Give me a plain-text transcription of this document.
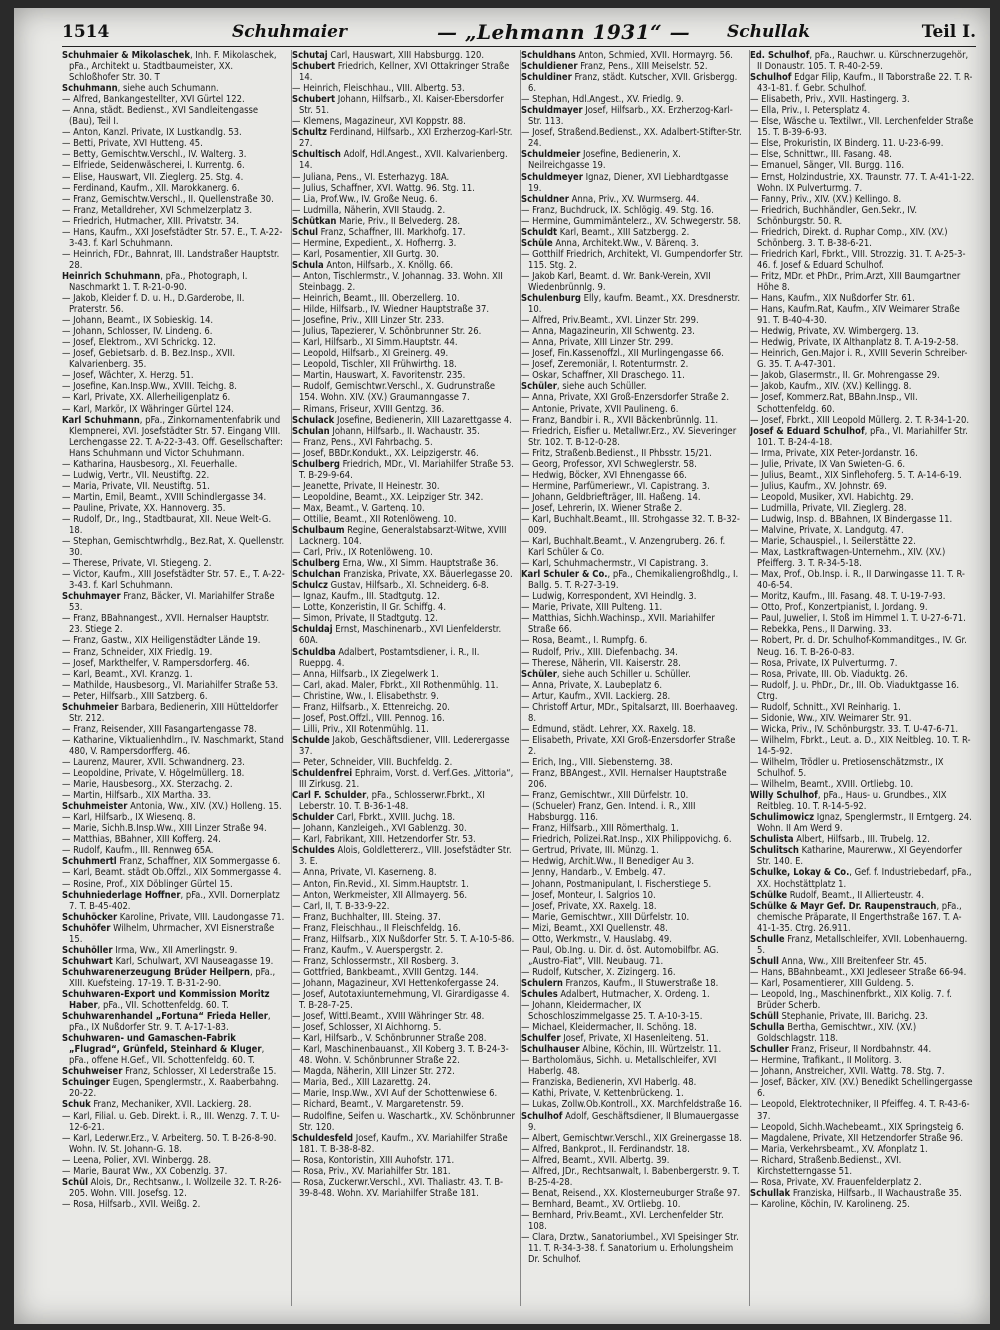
1514	Schuhmaier	— „Lehmann 1931“ — Schullak	Teil I.
Schuhmaier & Mikolaschek, Inh. F. Mikolaschek, pFa., Architekt u. Stadtbaumeister, XX. Schloßhofer Str. 30. T
Schuhmann, siehe auch Schumann.
— Alfred, Bankangestellter, XVI Gürtel 122.
— Anna, städt. Bedienst., XVI Sandleitengasse (Bau), Teil I.
— Anton, Kanzl. Private, IX Lustkandlg. 53.
— Betti, Private, XVI Hutteng. 45.
— Betty, Gemischtw.Verschl., IV. Walterg. 3.
— Elfriede, Seidenwäscherei, I. Kurrentg. 6.
— Elise, Hauswart, VII. Zieglerg. 25. Stg. 4.
— Ferdinand, Kaufm., XII. Marokkanerg. 6.
— Franz, Gemischtw.Verschl., II. Quellenstraße 30.
— Franz, Metalldreher, XVI Schmelzerplatz 3.
— Friedrich, Hutmacher, XIII. Privatstr. 34.
— Hans, Kaufm., XXI Josefstädter Str. 57. E., T. A-22-3-43. f. Karl Schuhmann.
— Heinrich, FDr., Bahnrat, III. Landstraßer Hauptstr. 28.
Heinrich Schuhmann, pFa., Photograph, I. Naschmarkt 1. T. R-21-0-90.
— Jakob, Kleider f. D. u. H., D.Garderobe, II. Praterstr. 56.
— Johann, Beamt., IX Sobieskig. 14.
— Johann, Schlosser, IV. Lindeng. 6.
— Josef, Elektrom., XVI Schrickg. 12.
— Josef, Gebietsarb. d. B. Bez.Insp., XVII. Kalvarienberg. 35.
— Josef, Wächter, X. Herzg. 51.
— Josefine, Kan.Insp.Ww., XVIII. Teichg. 8.
— Karl, Private, XX. Allerheiligenplatz 6.
— Karl, Markör, IX Währinger Gürtel 124.
Karl Schuhmann, pFa., Zinkornamentenfabrik und Klempnerei, XVI. Josefstädter Str. 57. Eingang VIII. Lerchengasse 22. T. A-22-3-43. Off. Gesellschafter: Hans Schuhmann und Victor Schuhmann.
— Katharina, Hausbesorg., XI. Feuerhalle.
— Ludwig, Vertr., VII. Neustiftg. 22.
— Maria, Private, VII. Neustiftg. 51.
— Martin, Emil, Beamt., XVIII Schindlergasse 34.
— Pauline, Private, XX. Hannoverg. 35.
— Rudolf, Dr., Ing., Stadtbaurat, XII. Neue Welt-G. 18.
— Stephan, Gemischtwrhdlg., Bez.Rat, X. Quellenstr. 30.
— Therese, Private, VI. Stiegeng. 2.
— Victor, Kaufm., XIII Josefstädter Str. 57. E., T. A-22-3-43. f. Karl Schuhmann.
Schuhmayer Franz, Bäcker, VI. Mariahilfer Straße 53.
— Franz, BBahnangest., XVII. Hernalser Hauptstr. 23. Stiege 2.
— Franz, Gastw., XIX Heiligenstädter Lände 19.
— Franz, Schneider, XIX Friedlg. 19.
— Josef, Markthelfer, V. Rampersdorferg. 46.
— Karl, Beamt., XVI. Kranzg. 1.
— Mathilde, Hausbesorg., VI. Mariahilfer Straße 53.
— Peter, Hilfsarb., XIII Satzberg. 6.
Schuhmeier Barbara, Bedienerin, XIII Hütteldorfer Str. 212.
— Franz, Reisender, XIII Fasangartengasse 78.
— Katharine, Viktualienhdlrn., IV. Naschmarkt, Stand 480, V. Rampersdorfferg. 46.
— Laurenz, Maurer, XVII. Schwandnerg. 23.
— Leopoldine, Private, V. Högelmüllerg. 18.
— Marie, Hausbesorg., XX. Sterzachg. 2.
— Martin, Hilfsarb., XIX Martha. 33.
Schuhmeister Antonia, Ww., XIV. (XV.) Holleng. 15.
— Karl, Hilfsarb., IX Wiesenq. 8.
— Marie, Sichh.B.Insp.Ww., XIII Linzer Straße 94.
— Matthias, BBahner, XIII Kofferg. 24.
— Rudolf, Kaufm., III. Rennweg 65A.
Schuhmertl Franz, Schaffner, XIX Sommergasse 6.
— Karl, Beamt. städt Ob.Offzl., XIX Sommergasse 4.
— Rosine, Prof., XIX Döblinger Gürtel 15.
Schuhniederlage Hoffner, pFa., XVII. Dornerplatz 7. T. B-45-402.
Schuhöcker Karoline, Private, VIII. Laudongasse 71.
Schuhöfer Wilhelm, Uhrmacher, XVI Eisnerstraße 15.
Schuhöller Irma, Ww., XII Amerlingstr. 9.
Schuhwart Karl, Schulwart, XVI Nauseagasse 19.
Schuhwarenerzeugung Brüder Heilpern, pFa., XIII. Kuefsteing. 17-19. T. B-31-2-90.
Schuhwaren-Export und Kommission Moritz Haber, pFa., VII. Schottenfeldg. 60. T.
Schuhwarenhandel „Fortuna“ Frieda Heller, pFa., IX Nußdorfer Str. 9. T. A-17-1-83.
Schuhwaren- und Gamaschen-Fabrik „Flugrad“, Grünfeld, Steinhard & Kluger, pFa., offene H.Gef., VII. Schottenfeldg. 60. T.
Schuhweiser Franz, Schlosser, XI Lederstraße 15.
Schuinger Eugen, Spenglermstr., X. Raaberbahng. 20-22.
Schuk Franz, Mechaniker, XVII. Lackierg. 28.
— Karl, Filial. u. Geb. Direkt. i. R., III. Wenzg. 7. T. U-12-6-21.
— Karl, Lederwr.Erz., V. Arbeiterg. 50. T. B-26-8-90. Wohn. IV. St. Johann-G. 18.
— Leena, Polier, XVI. Winbergg. 28.
— Marie, Baurat Ww., XX Cobenzlg. 37.
Schül Alois, Dr., Rechtsanw., I. Wollzeile 32. T. R-26-205. Wohn. VIII. Josefsg. 12.
— Rosa, Hilfsarb., XVII. Weißg. 2.
Schutaj Carl, Hauswart, XIII Habsburgg. 120.
Schubert Friedrich, Kellner, XVI Ottakringer Straße 14.
— Heinrich, Fleischhau., VIII. Albertg. 53.
Schubert Johann, Hilfsarb., XI. Kaiser-Ebersdorfer Str. 51.
— Klemens, Magazineur, XVI Koppstr. 88.
Schultz Ferdinand, Hilfsarb., XXI Erzherzog-Karl-Str. 27.
Schultisch Adolf, Hdl.Angest., XVII. Kalvarienberg. 14.
— Juliana, Pens., VI. Esterhazyg. 18A.
— Julius, Schaffner, XVI. Wattg. 96. Stg. 11.
— Lia, Prof.Ww., IV. Große Neug. 6.
— Ludmilla, Näherin, XVII Staudg. 2.
Schütkan Marie, Priv., II Belvederg. 28.
Schul Franz, Schaffner, III. Markhofg. 17.
— Hermine, Expedient., X. Hofherrg. 3.
— Karl, Posamentier, XII Gurtg. 30.
Schula Anton, Hilfsarb., X. Knöllg. 66.
— Anton, Tischlermstr., V. Johannag. 33. Wohn. XII Steinbagg. 2.
— Heinrich, Beamt., III. Oberzellerg. 10.
— Hilde, Hilfsarb., IV. Wiedner Hauptstraße 37.
— Josefine, Priv., XIII Linzer Str. 233.
— Julius, Tapezierer, V. Schönbrunner Str. 26.
— Karl, Hilfsarb., XI Simm.Hauptstr. 44.
— Leopold, Hilfsarb., XI Greinerg. 49.
— Leopold, Tischler, XII Frühwirthg. 18.
— Martin, Hauswart, X. Favoritenstr. 235.
— Rudolf, Gemischtwr.Verschl., X. Gudrunstraße 154. Wohn. XIV. (XV.) Graumanngasse 7.
— Rimans, Friseur, XVIII Gentzg. 36.
Schulack Josefine, Bedienerin, XIII Lazarettgasse 4.
Schulan Johann, Hilfsarb., II. Wachaustr. 35.
— Franz, Pens., XVI Fahrbachg. 5.
— Josef, BBDr.Kondukt., XX. Leipzigerstr. 46.
Schulberg Friedrich, MDr., VI. Mariahilfer Straße 53. T. B-29-9-64.
— Jeanette, Private, II Heinestr. 30.
— Leopoldine, Beamt., XX. Leipziger Str. 342.
— Max, Beamt., V. Gartenq. 10.
— Ottilie, Beamt., XII Rotenlöweng. 10.
Schulbaum Regine, Generalstabsarzt-Witwe, XVIII Lacknerg. 104.
— Carl, Priv., IX Rotenlöweng. 10.
Schulberg Erna, Ww., XI Simm. Hauptstraße 36.
Schulchan Franziska, Private, XX. Bäuerlegasse 20.
Schulcz Gustav, Hilfsarb., XI. Schneiderg. 6-8.
— Ignaz, Kaufm., III. Stadtgutg. 12.
— Lotte, Konzeristin, II Gr. Schiffg. 4.
— Simon, Private, II Stadtgutg. 12.
Schuldaj Ernst, Maschinenarb., XVI Lienfelderstr. 60A.
Schuldba Adalbert, Postamtsdiener, i. R., II. Rueppg. 4.
— Anna, Hilfsarb., IX Ziegelwerk 1.
— Carl, akad. Maler, Fbrkt., XII Rothenmühlg. 11.
— Christine, Ww., I. Elisabethstr. 9.
— Franz, Hilfsarb., X. Ettenreichg. 20.
— Josef, Post.Offzl., VIII. Pennog. 16.
— Lilli, Priv., XII Rotenmühlg. 11.
Schulde Jakob, Geschäftsdiener, VIII. Lederergasse 37.
— Peter, Schneider, VIII. Buchfeldg. 2.
Schuldenfrei Ephraim, Vorst. d. Verf.Ges. „Vittoria“, III Zirkusg. 21.
Carl F. Schulder, pFa., Schlosserwr.Fbrkt., XI Leberstr. 10. T. B-36-1-48.
Schulder Carl, Fbrkt., XVIII. Juchg. 18.
— Johann, Kanzleigeh., XVI Gablenzg. 30.
— Karl, Fabrikant, XIII. Hetzendorfer Str. 53.
Schuldes Alois, Goldlettererz., VIII. Josefstädter Str. 3. E.
— Anna, Private, VI. Kaserneng. 8.
— Anton, Fin.Revid., XI. Simm.Hauptstr. 1.
— Anton, Werkmeister, XII Allmayerg. 56.
— Carl, II, T. B-33-9-22.
— Franz, Buchhalter, III. Steing. 37.
— Franz, Fleischhau., II Fleischfeldg. 16.
— Franz, Hilfsarb., XIX Nußdorfer Str. 5. T. A-10-5-86.
— Franz, Kaufm., V. Auerspergstr. 2.
— Franz, Schlossermstr., XII Rosberg. 3.
— Gottfried, Bankbeamt., XVIII Gentzg. 144.
— Johann, Magazineur, XVI Hettenkofergasse 24.
— Josef, Autotaxiunternehmung, VI. Girardigasse 4. T. B-28-7-25.
— Josef, Wittl.Beamt., XVIII Währinger Str. 48.
— Josef, Schlosser, XI Aichhorng. 5.
— Karl, Hilfsarb., V. Schönbrunner Straße 208.
— Karl, Maschinenbauanst., XII Koberg 3. T. B-24-3-48. Wohn. V. Schönbrunner Straße 22.
— Magda, Näherin, XIII Linzer Str. 272.
— Maria, Bed., XIII Lazarettg. 24.
— Marie, Insp.Ww., XVI Auf der Schottenwiese 6.
— Richard, Beamt., V. Margaretenstr. 59.
— Rudolfine, Seifen u. Waschartk., XV. Schönbrunner Str. 120.
Schuldesfeld Josef, Kaufm., XV. Mariahilfer Straße 181. T. B-38-8-82.
— Rosa, Kontoristin, XIII Auhofstr. 171.
— Rosa, Priv., XV. Mariahilfer Str. 181.
— Rosa, Zuckerwr.Verschl., XVI. Thaliastr. 43. T. B-39-8-48. Wohn. XV. Mariahilfer Straße 181.
Schuldhans Anton, Schmied, XVII. Hormayrg. 56.
Schuldiener Franz, Pens., XIII Meiselstr. 52.
Schuldiner Franz, städt. Kutscher, XVII. Grisbergg. 6.
— Stephan, Hdl.Angest., XV. Friedlg. 9.
Schuldmayer Josef, Hilfsarb., XX. Erzherzog-Karl-Str. 113.
— Josef, Straßend.Bedienst., XX. Adalbert-Stifter-Str. 24.
Schuldmeier Josefine, Bedienerin, X. Neilreichgasse 19.
Schuldmeyer Ignaz, Diener, XVI Liebhardtgasse 19.
Schuldner Anna, Priv., XV. Wurmserg. 44.
— Franz, Buchdruck, IX. Schlögig. 49. Stg. 16.
— Hermine, Gummimäntelerz., XV. Schwegerstr. 58.
Schuldt Karl, Beamt., XIII Satzbergg. 2.
Schüle Anna, Architekt.Ww., V. Bärenq. 3.
— Gotthilf Friedrich, Architekt, VI. Gumpendorfer Str. 115. Stg. 2.
— Jakob Karl, Beamt. d. Wr. Bank-Verein, XVII Wiedenbrünnlg. 9.
Schulenburg Elly, kaufm. Beamt., XX. Dresdnerstr. 10.
— Alfred, Priv.Beamt., XVI. Linzer Str. 299.
— Anna, Magazineurin, XII Schwentg. 23.
— Anna, Private, XIII Linzer Str. 299.
— Josef, Fin.Kassenoffzl., XII Murlingengasse 66.
— Josef, Zeremoniär, I. Rotenturmstr. 2.
— Oskar, Schaffner, XII Draschego. 11.
Schüler, siehe auch Schüller.
— Anna, Private, XXI Groß-Enzersdorfer Straße 2.
— Antonie, Private, XVII Paulineng. 6.
— Franz, Bandbir i. R., XVII Bäckenbrünnlg. 11.
— Friedrich, Eisfier u. Metallwr.Erz., XV. Sieveringer Str. 102. T. B-12-0-28.
— Fritz, Straßenb.Bedienst., II Phbsstr. 15/21.
— Georg, Professor, XVI Schweglerstr. 58.
— Hedwig, Böcker, XVI Ehnengasse 66.
— Hermine, Parfümeriewr., VI. Capistrang. 3.
— Johann, Geldbriefträger, III. Haßeng. 14.
— Josef, Lehrerin, IX. Wiener Straße 2.
— Karl, Buchhalt.Beamt., III. Strohgasse 32. T. B-32-009.
— Karl, Buchhalt.Beamt., V. Anzengruberg. 26. f. Karl Schüler & Co.
— Karl, Schuhmachermstr., VI Capistrang. 3.
Karl Schuler & Co., pFa., Chemikaliengroßhdlg., I. Ballg. 5. T. R-27-3-19.
— Ludwig, Korrespondent, XVI Heindlg. 3.
— Marie, Private, XIII Pulteng. 11.
— Matthias, Sichh.Wachinsp., XVII. Mariahilfer Straße 66.
— Rosa, Beamt., I. Rumpfg. 6.
— Rudolf, Priv., XIII. Diefenbachg. 34.
— Therese, Näherin, VII. Kaiserstr. 28.
Schüler, siehe auch Schiller u. Schüller.
— Anna, Private, X. Laubeplatz 6.
— Artur, Kaufm., XVII. Lackierg. 28.
— Christoff Artur, MDr., Spitalsarzt, III. Boerhaaveg. 8.
— Edmund, städt. Lehrer, XX. Raxelg. 18.
— Elisabeth, Private, XXI Groß-Enzersdorfer Straße 2.
— Erich, Ing., VIII. Siebensterng. 38.
— Franz, BBAngest., XVII. Hernalser Hauptstraße 206.
— Franz, Gemischtwr., XIII Dürfelstr. 10.
— (Schueler) Franz, Gen. Intend. i. R., XIII Habsburgg. 116.
— Franz, Hilfsarb., XIII Römerthalg. 1.
— Friedrich, Polizei.Rat.Insp., XIX Philippovichg. 6.
— Gertrud, Private, III. Münzg. 1.
— Hedwig, Archit.Ww., II Benediger Au 3.
— Jenny, Handarb., V. Embelg. 47.
— Johann, Postmanipulant, I. Fischerstiege 5.
— Josef, Monteur, I. Salgrios 10.
— Josef, Private, XX. Raxelg. 18.
— Marie, Gemischtwr., XIII Dürfelstr. 10.
— Mizi, Beamt., XXI Quellenstr. 48.
— Otto, Werkmstr., V. Hauslabg. 49.
— Paul, Ob.Ing. u. Dir. d. öst. Automobilfbr. AG. „Austro-Fiat“, VIII. Neubaug. 71.
— Rudolf, Kutscher, X. Zizingerg. 16.
Schulern Franzos, Kaufm., II Stuwerstraße 18.
Schules Adalbert, Hutmacher, X. Ordeng. 1.
— Johann, Kleidermacher, IX Schoschloszimmelgasse 25. T. A-10-3-15.
— Michael, Kleidermacher, II. Schöng. 18.
Schulfer Josef, Private, XI Hasenleiteng. 51.
Schulhauser Albine, Köchin, III. Würtzelstr. 11.
— Bartholomäus, Sichh. u. Metallschleifer, XVI Haberlg. 48.
— Franziska, Bedienerin, XVI Haberlg. 48.
— Kathi, Private, V. Kettenbrückeng. 1.
— Lukas, Zollw.Ob.Kontroll., XX. Marchfeldstraße 16.
Schulhof Adolf, Geschäftsdiener, II Blumauergasse 9.
— Albert, Gemischtwr.Verschl., XIX Greinergasse 18.
— Alfred, Bankprot., II. Ferdinandstr. 18.
— Alfred, Beamt., XVII. Albertg. 39.
— Alfred, JDr., Rechtsanwalt, I. Babenbergerstr. 9. T. B-25-4-28.
— Benat, Reisend., XX. Klosterneuburger Straße 97.
— Bernhard, Beamt., XV. Ortliebg. 10.
— Bernhard, Priv.Beamt., XVI. Lerchenfelder Str. 108.
— Clara, Drztw., Sanatoriumbel., XVI Speisinger Str. 11. T. R-34-3-38. f. Sanatorium u. Erholungsheim Dr. Schulhof.
Ed. Schulhof, pFa., Rauchwr. u. Kürschnerzugehör, II Donaustr. 105. T. R-40-2-59.
Schulhof Edgar Filip, Kaufm., II Taborstraße 22. T. R-43-1-81. f. Gebr. Schulhof.
— Elisabeth, Priv., XVII. Hastingerg. 3.
— Ella, Priv., I. Petersplatz 4.
— Else, Wäsche u. Textilwr., VII. Lerchenfelder Straße 15. T. B-39-6-93.
— Else, Prokuristin, IX Binderg. 11. U-23-6-99.
— Else, Schnittwr., III. Fasang. 48.
— Emanuel, Sänger, VII. Burgg. 116.
— Ernst, Holzindustrie, XX. Traunstr. 77. T. A-41-1-22. Wohn. IX Pulverturmg. 7.
— Fanny, Priv., XIV. (XV.) Kellingo. 8.
— Friedrich, Buchhändler, Gen.Sekr., IV. Schönburgstr. 50. R.
— Friedrich, Direkt. d. Ruphar Comp., XIV. (XV.) Schönberg. 3. T. B-38-6-21.
— Friedrich Karl, Fbrkt., VIII. Strozzig. 31. T. A-25-3-46. f. Josef & Eduard Schulhof.
— Fritz, MDr. et PhDr., Prim.Arzt, XIII Baumgartner Höhe 8.
— Hans, Kaufm., XIX Nußdorfer Str. 61.
— Hans, Kaufm.Rat, Kaufm., XIV Weimarer Straße 91. T. B-40-4-30.
— Hedwig, Private, XV. Wimbergerg. 13.
— Hedwig, Private, IX Althanplatz 8. T. A-19-2-58.
— Heinrich, Gen.Major i. R., XVIII Severin Schreiber-G. 35. T. A-47-301.
— Jakob, Glasermstr., II. Gr. Mohrengasse 29.
— Jakob, Kaufm., XIV. (XV.) Kellingg. 8.
— Josef, Kommerz.Rat, BBahn.Insp., VII. Schottenfeldg. 60.
— Josef, Fbrkt., XIII Leopold Müllerg. 2. T. R-34-1-20.
Josef & Eduard Schulhof, pFa., VI. Mariahilfer Str. 101. T. B-24-4-18.
— Irma, Private, XIX Peter-Jordanstr. 16.
— Julie, Private, IX Van Swieten-G. 6.
— Julius, Beamt., XIX Sinflehoferg. 5. T. A-14-6-19.
— Julius, Kaufm., XV. Johnstr. 69.
— Leopold, Musiker, XVI. Habichtg. 29.
— Ludmilla, Private, VII. Zieglerg. 28.
— Ludwig, Insp. d. BBahnen, IX Bindergasse 11.
— Malvine, Private, X. Landgutg. 47.
— Marie, Schauspiel., I. Seilerstätte 22.
— Max, Lastkraftwagen-Unternehm., XIV. (XV.) Pfeifferg. 3. T. R-34-5-18.
— Max, Prof., Ob.Insp. i. R., II Darwingasse 11. T. R-40-6-54.
— Moritz, Kaufm., III. Fasang. 48. T. U-19-7-93.
— Otto, Prof., Konzertpianist, I. Jordang. 9.
— Paul, Juwelier, I. Stoß im Himmel 1. T. U-27-6-71.
— Rebekka, Pens., II Darwing. 33.
— Robert, Pr. d. Dr. Schulhof-Kommanditges., IV. Gr. Neug. 16. T. B-26-0-83.
— Rosa, Private, IX Pulverturmg. 7.
— Rosa, Private, III. Ob. Viaduktg. 26.
— Rudolf, J. u. PhDr., Dr., III. Ob. Viaduktgasse 16. Ctrg.
— Rudolf, Schnitt., XVI Reinharig. 1.
— Sidonie, Ww., XIV. Weimarer Str. 91.
— Wicka, Priv., IV. Schönburgstr. 33. T. U-47-6-71.
— Wilhelm, Fbrkt., Leut. a. D., XIX Neitbleg. 10. T. R-14-5-92.
— Wilhelm, Trödler u. Pretiosenschätzmstr., IX Schulhof. 5.
— Wilhelm, Beamt., XVIII. Ortliebg. 10.
Willy Schulhof, pFa., Haus- u. Grundbes., XIX Reitbleg. 10. T. R-14-5-92.
Schulimowicz Ignaz, Spenglermstr., II Erntgerg. 24. Wohn. II Am Werd 9.
Schulista Albert, Hilfsarb., III. Trubelg. 12.
Schulitsch Katharine, Maurerww., XI Geyendorfer Str. 140. E.
Schulke, Lokay & Co., Gef. f. Industriebedarf, pFa., XX. Hochstättplatz 1.
Schülke Rudolf, Beamt., II Allierteustr. 4.
Schülke & Mayr Gef. Dr. Raupenstrauch, pFa., chemische Präparate, II Engerthstraße 167. T. A-41-1-35. Ctrg. 26.911.
Schulle Franz, Metallschleifer, XVII. Lobenhauerng. 5.
Schull Anna, Ww., XIII Breitenfeer Str. 45.
— Hans, BBahnbeamt., XXI Jedleseer Straße 66-94.
— Karl, Posamentierer, XIII Guldeng. 5.
— Leopold, Ing., Maschinenfbrkt., XIX Kolig. 7. f. Brüder Scherb.
Schüll Stephanie, Private, III. Barichg. 23.
Schulla Bertha, Gemischtwr., XIV. (XV.) Goldschlagstr. 118.
Schuller Franz, Friseur, II Nordbahnstr. 44.
— Hermine, Trafikant., II Molitorg. 3.
— Johann, Anstreicher, XVII. Wattg. 78. Stg. 7.
— Josef, Bäcker, XIV. (XV.) Benedikt Schellingergasse 6.
— Leopold, Elektrotechniker, II Pfeiffeg. 4. T. R-43-6-37.
— Leopold, Sichh.Wachebeamt., XIX Springsteig 6.
— Magdalene, Private, XII Hetzendorfer Straße 96.
— Maria, Verkehrsbeamt., XV. Afonplatz 1.
— Richard, Straßenb.Bedienst., XVI. Kirchstetterngasse 51.
— Rosa, Private, XV. Frauenfelderplatz 2.
Schullak Franziska, Hilfsarb., II Wachaustraße 35.
— Karoline, Köchin, IV. Karolineng. 25.
